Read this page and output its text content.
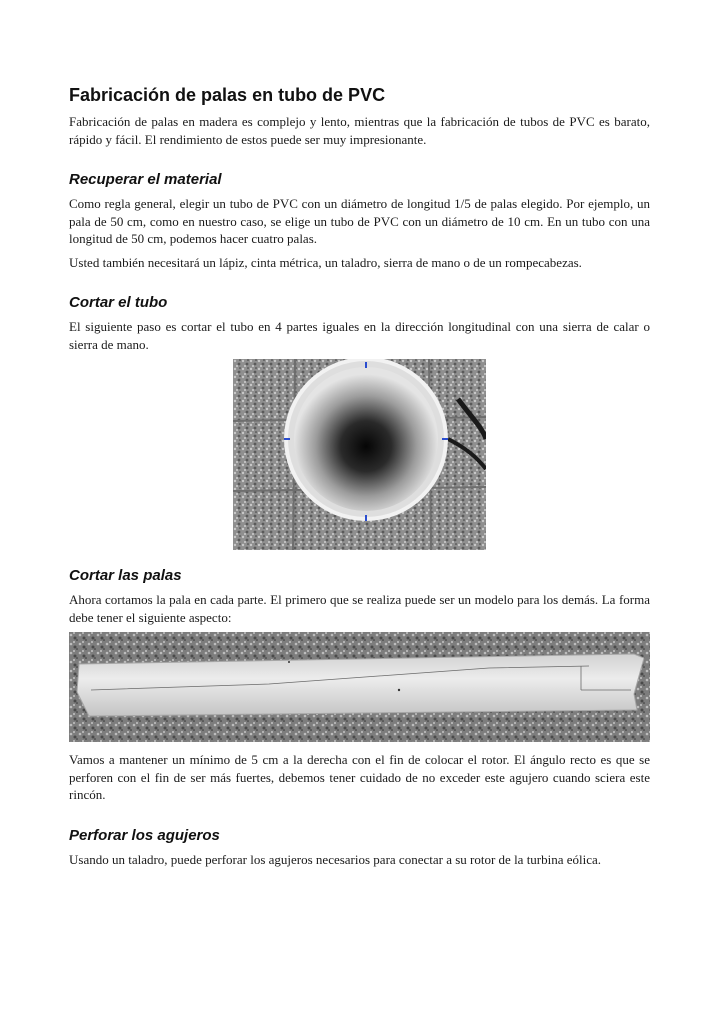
Fabricación de palas en tubo de PVC

Fabricación de palas en madera es complejo y lento, mientras que la fabricación de tubos de PVC es barato, rápido y fácil. El rendimiento de estos puede ser muy impresionante.

Recuperar el material

Como regla general, elegir un tubo de PVC con un diámetro de longitud 1/5 de palas elegido. Por ejemplo, un pala de 50 cm, como en nuestro caso, se elige un tubo de PVC con un diámetro de 10 cm. En un tubo con una longitud de 50 cm, podemos hacer cuatro palas.

Usted también necesitará un lápiz, cinta métrica, un taladro, sierra de mano o de un rompecabezas.

Cortar el tubo

El siguiente paso es cortar el tubo en 4 partes iguales en la dirección longitudinal con una sierra de calar o sierra de mano.

Cortar las palas

Ahora cortamos la pala en cada parte. El primero que se realiza puede ser un modelo para los demás. La forma debe tener el siguiente aspecto:

Vamos a mantener un mínimo de 5 cm a la derecha con el fin de colocar el rotor. El ángulo recto es que se perforen con el fin de ser más fuertes, debemos tener cuidado de no exceder este agujero cuando sciera este rincón.

Perforar los agujeros

Usando un taladro, puede perforar los agujeros necesarios para conectar a su rotor de la turbina eólica.
